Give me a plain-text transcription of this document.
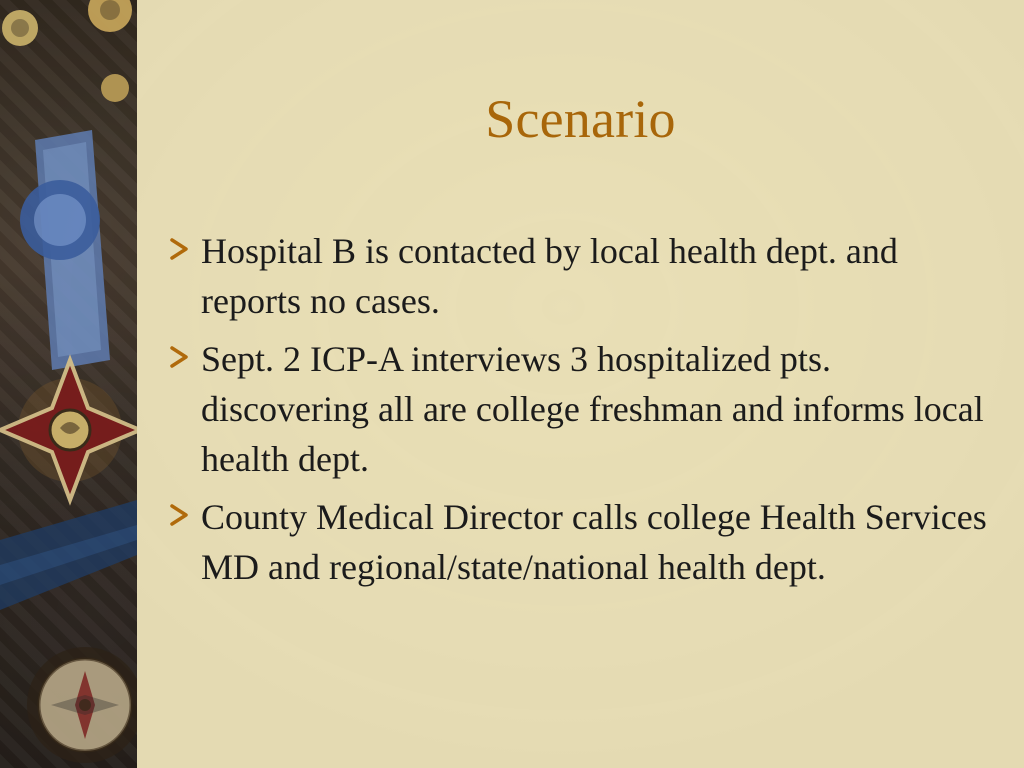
Scenario
Hospital B is contacted by local health dept. and reports no cases.
Sept. 2 ICP-A interviews 3 hospitalized pts. discovering all are college freshman and informs local health dept.
County Medical Director calls college Health Services MD and regional/state/national health dept.
